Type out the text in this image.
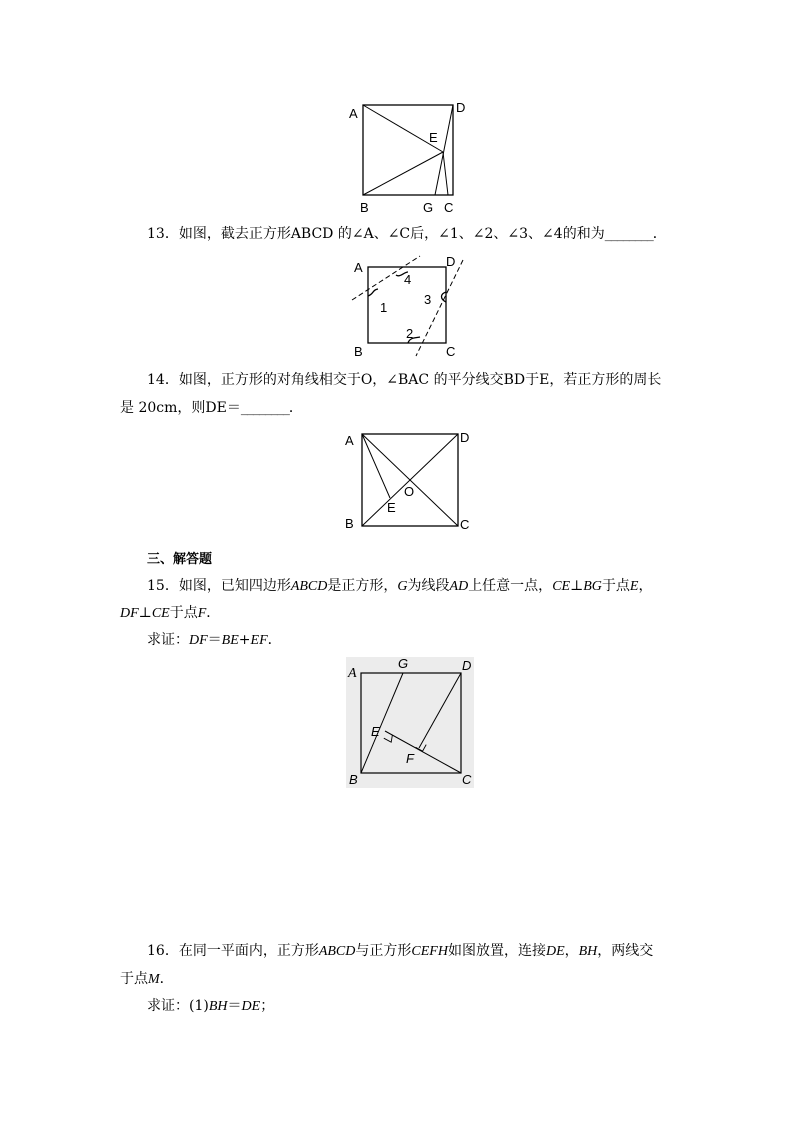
A	D
E
B	G C
13．如图，截去正方形ABCD 的∠A、∠C后，∠1、∠2、∠3、∠4的和为________．
A	D
B	C
1
4
3
2
14．如图，正方形的对角线相交于O，∠BAC 的平分线交BD于E，若正方形的周长
是 20cm，则DE＝________．
A	D
O
E
B	C
三、解答题
15．如图，已知四边形ABCD是正方形，G为线段AD上任意一点，CE⊥BG于点E，
DF⊥CE于点F．
求证：DF＝BE+EF．
A
G	D
E
F
B	C
16．在同一平面内，正方形ABCD与正方形CEFH如图放置，连接DE，BH，两线交
于点M．
求证：(1)BH＝DE；
